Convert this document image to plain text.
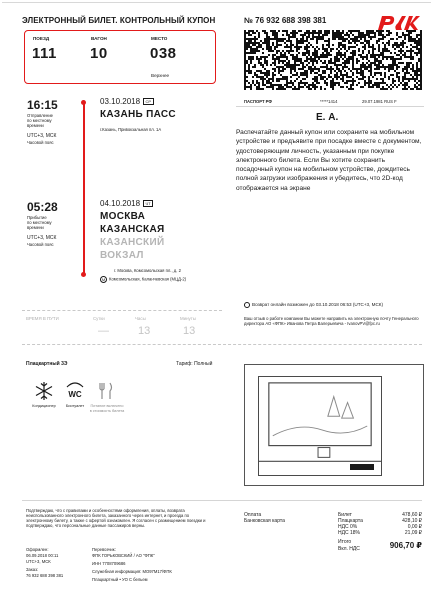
ЭЛЕКТРОННЫЙ БИЛЕТ. КОНТРОЛЬНЫЙ КУПОН	№ 76 932 688 398 381
ПОЕЗД
111
ВАГОН
10
МЕСТО
038
Верхнее
ПАСПОРТ РФ	*****1414	29.07.1981 RUS F
Е. А.
16:15
Отправление
по местному
времени
UTC+3, МСК
Часовой пояс
03.10.2018 СР
КАЗАНЬ ПАСС
г.Казань, Привокзальная пл. 1А
05:28
Прибытие
по местному
времени
UTC+3, МСК
Часовой пояс
04.10.2018 ЧТ
МОСКВА
КАЗАНСКАЯ
КАЗАНСКИЙ
ВОКЗАЛ
г. Москва, Комсомольская пл., д. 2
М Комсомольская, Каланчевская (МЦД-2)
Распечатайте данный купон или сохраните на мобильном устройстве и предъявите при посадке вместе с документом, удостоверяющим личность, указанным при покупке электронного билета. Если Вы хотите сохранить посадочный купон на мобильном устройстве, дождитесь полной загрузки изображения и убедитесь, что 2D-код отображается на экране
Возврат онлайн возможен до 03.10.2018 06:53 (UTC+3, МСК)
Ваш отзыв о работе компании Вы можете направить на электронную почту Генерального директора АО «ФПК» Иванова Петра Валерьевича - IvanovPV@fpc.ru
ВРЕМЯ В ПУТИ	Сутки	Часы	Минуты
—	13	13
Плацкартный 3Э	Тариф: Полный
Кондиционер
WC
Биотуалет	Питание включено в стоимость билета
Подтверждаю, что с правилами и особенностями оформления, оплаты, возврата неиспользованного электронного билета, заказанного через интернет, и проезда по электронному билету, а также с офертой ознакомлен. Я согласен с размещением поездки и подтверждаю, что персональные данные пассажиров верны.
Оформлен:
06.09.2018 00:11
UTC+3, МСК
Заказ:
76 932 688 398 381
Перевозчик:
ФПК ГОРЬКОВСКИЙ / АО "ФПК"
ИНН 7708709686
Служебная информация: МО97М17/ФПК
Плацкартный • УО С бельем
Оплата
Банковская карта
Билет	478,60 ₽
Плацкарта	428,10 ₽
НДС 0%	0,00 ₽
НДС 18%	21,09 ₽
Итого
Вкл. НДС	906,70 ₽
